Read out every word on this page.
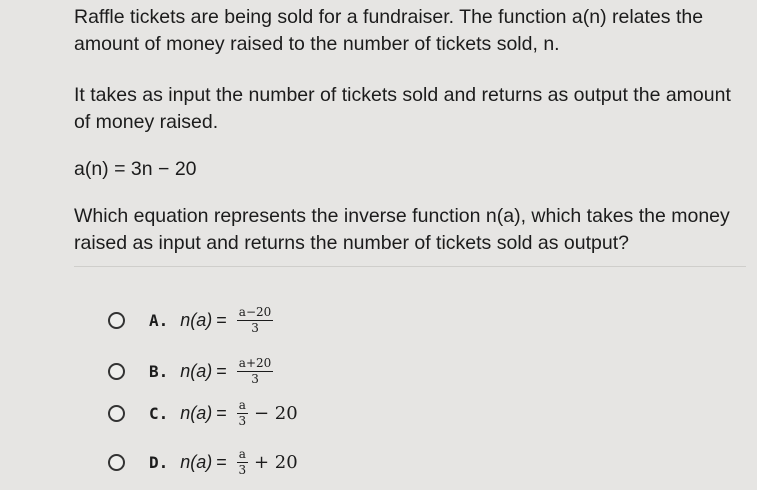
Raffle tickets are being sold for a fundraiser. The function a(n) relates the
amount of money raised to the number of tickets sold, n.

It takes as input the number of tickets sold and returns as output the amount
of money raised.

a(n) = 3n − 20

Which equation represents the inverse function n(a), which takes the money
raised as input and returns the number of tickets sold as output?

A. $n(a) = \frac{a-20}{3}$
B. $n(a) = \frac{a+20}{3}$
C. $n(a) = \frac{a}{3} - 20$
D. $n(a) = \frac{a}{3} + 20$
